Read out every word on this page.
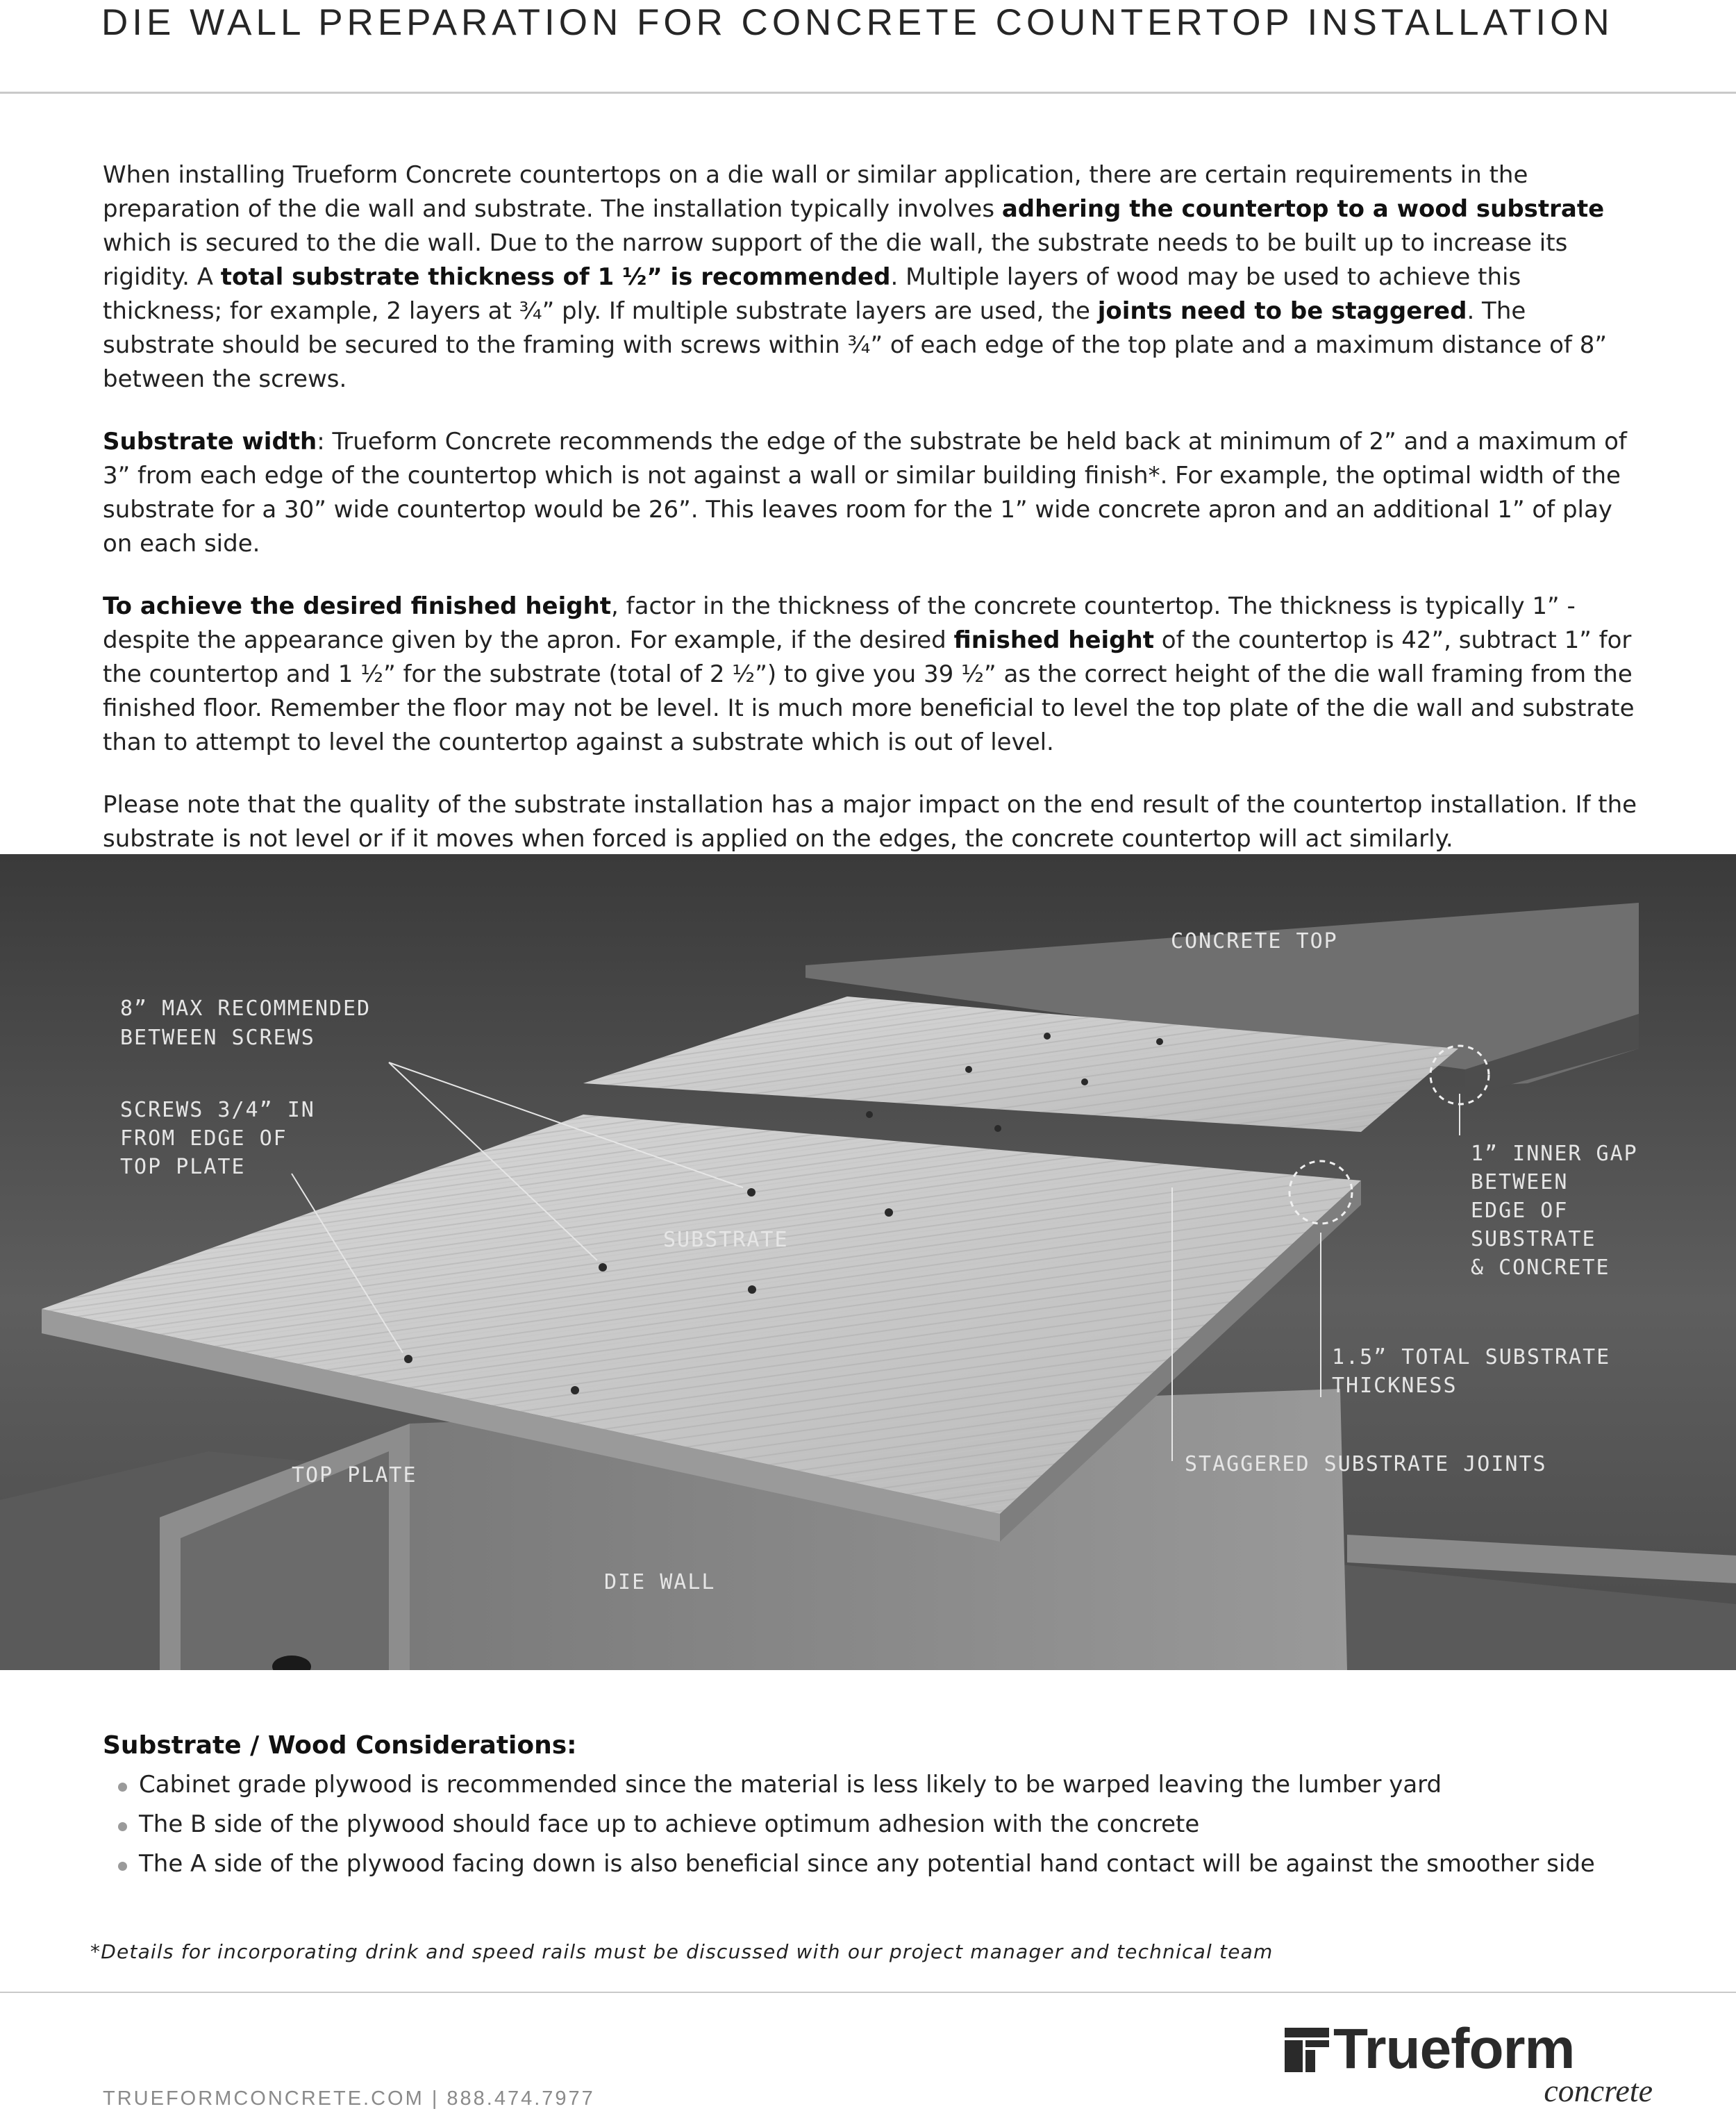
DIE WALL PREPARATION FOR CONCRETE COUNTERTOP INSTALLATION

When installing Trueform Concrete countertops on a die wall or similar application, there are certain requirements in the preparation of the die wall and substrate. The installation typically involves adhering the countertop to a wood substrate which is secured to the die wall. Due to the narrow support of the die wall, the substrate needs to be built up to increase its rigidity. A total substrate thickness of 1 ½” is recommended. Multiple layers of wood may be used to achieve this thickness; for example, 2 layers at ¾” ply. If multiple substrate layers are used, the joints need to be staggered. The substrate should be secured to the framing with screws within ¾” of each edge of the top plate and a maximum distance of 8” between the screws.

Substrate width: Trueform Concrete recommends the edge of the substrate be held back at minimum of 2” and a maximum of 3” from each edge of the countertop which is not against a wall or similar building finish*. For example, the optimal width of the substrate for a 30” wide countertop would be 26”. This leaves room for the 1” wide concrete apron and an additional 1” of play on each side.

To achieve the desired finished height, factor in the thickness of the concrete countertop. The thickness is typically 1” - despite the appearance given by the apron. For example, if the desired finished height of the countertop is 42”, subtract 1” for the countertop and 1 ½” for the substrate (total of 2 ½”) to give you 39 ½” as the correct height of the die wall framing from the finished floor. Remember the floor may not be level. It is much more beneficial to level the top plate of the die wall and substrate than to attempt to level the countertop against a substrate which is out of level.

Please note that the quality of the substrate installation has a major impact on the end result of the countertop installation. If the substrate is not level or if it moves when forced is applied on the edges, the concrete countertop will act similarly.

CONCRETE TOP
8” MAX RECOMMENDED
BETWEEN SCREWS
SCREWS 3/4” IN
FROM EDGE OF
TOP PLATE
SUBSTRATE
1” INNER GAP
BETWEEN
EDGE OF
SUBSTRATE
& CONCRETE
1.5” TOTAL SUBSTRATE
THICKNESS
TOP PLATE	STAGGERED SUBSTRATE JOINTS
DIE WALL
Substrate / Wood Considerations:
Cabinet grade plywood is recommended since the material is less likely to be warped leaving the lumber yard
The B side of the plywood should face up to achieve optimum adhesion with the concrete
The A side of the plywood facing down is also beneficial since any potential hand contact will be against the smoother side
*Details for incorporating drink and speed rails must be discussed with our project manager and technical team
TRUEFORMCONCRETE.COM | 888.474.7977
Trueform
concrete
